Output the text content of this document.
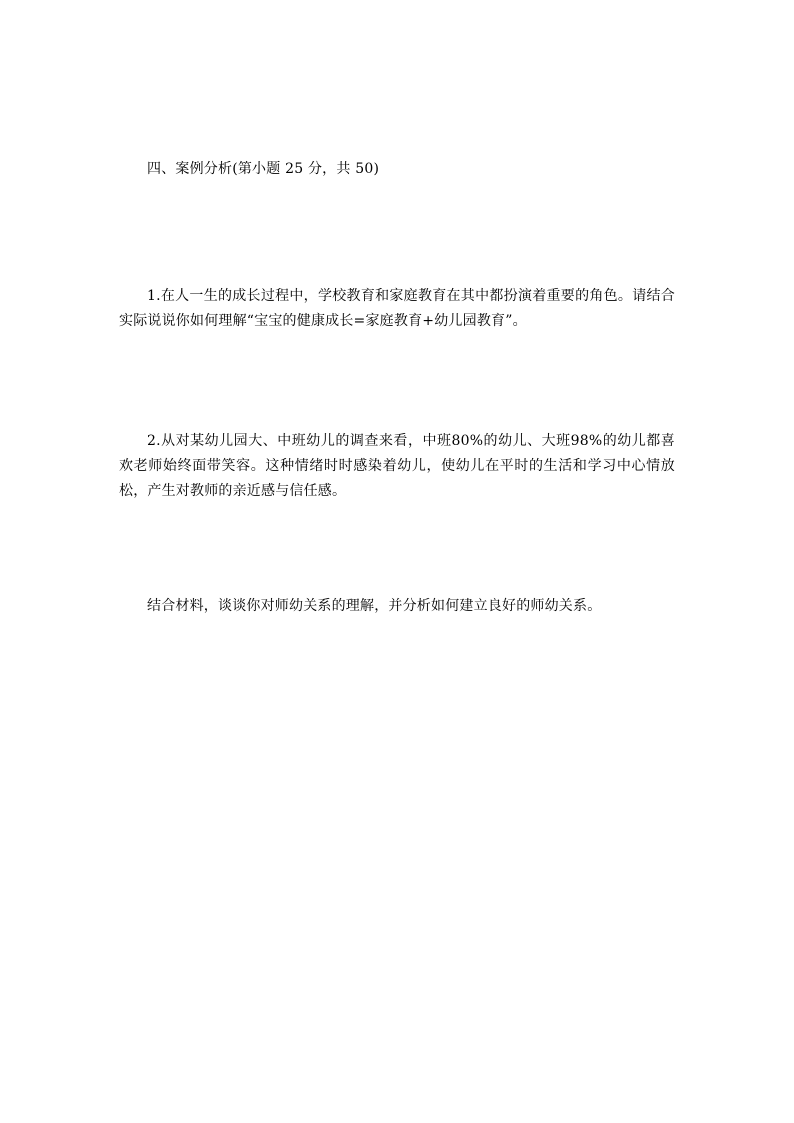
四、案例分析(第小题 25 分，共 50)

1.在人一生的成长过程中，学校教育和家庭教育在其中都扮演着重要的角色。请结合实际说说你如何理解“宝宝的健康成长=家庭教育+幼儿园教育”。

2.从对某幼儿园大、中班幼儿的调查来看，中班80%的幼儿、大班98%的幼儿都喜欢老师始终面带笑容。这种情绪时时感染着幼儿，使幼儿在平时的生活和学习中心情放松，产生对教师的亲近感与信任感。

结合材料，谈谈你对师幼关系的理解，并分析如何建立良好的师幼关系。
